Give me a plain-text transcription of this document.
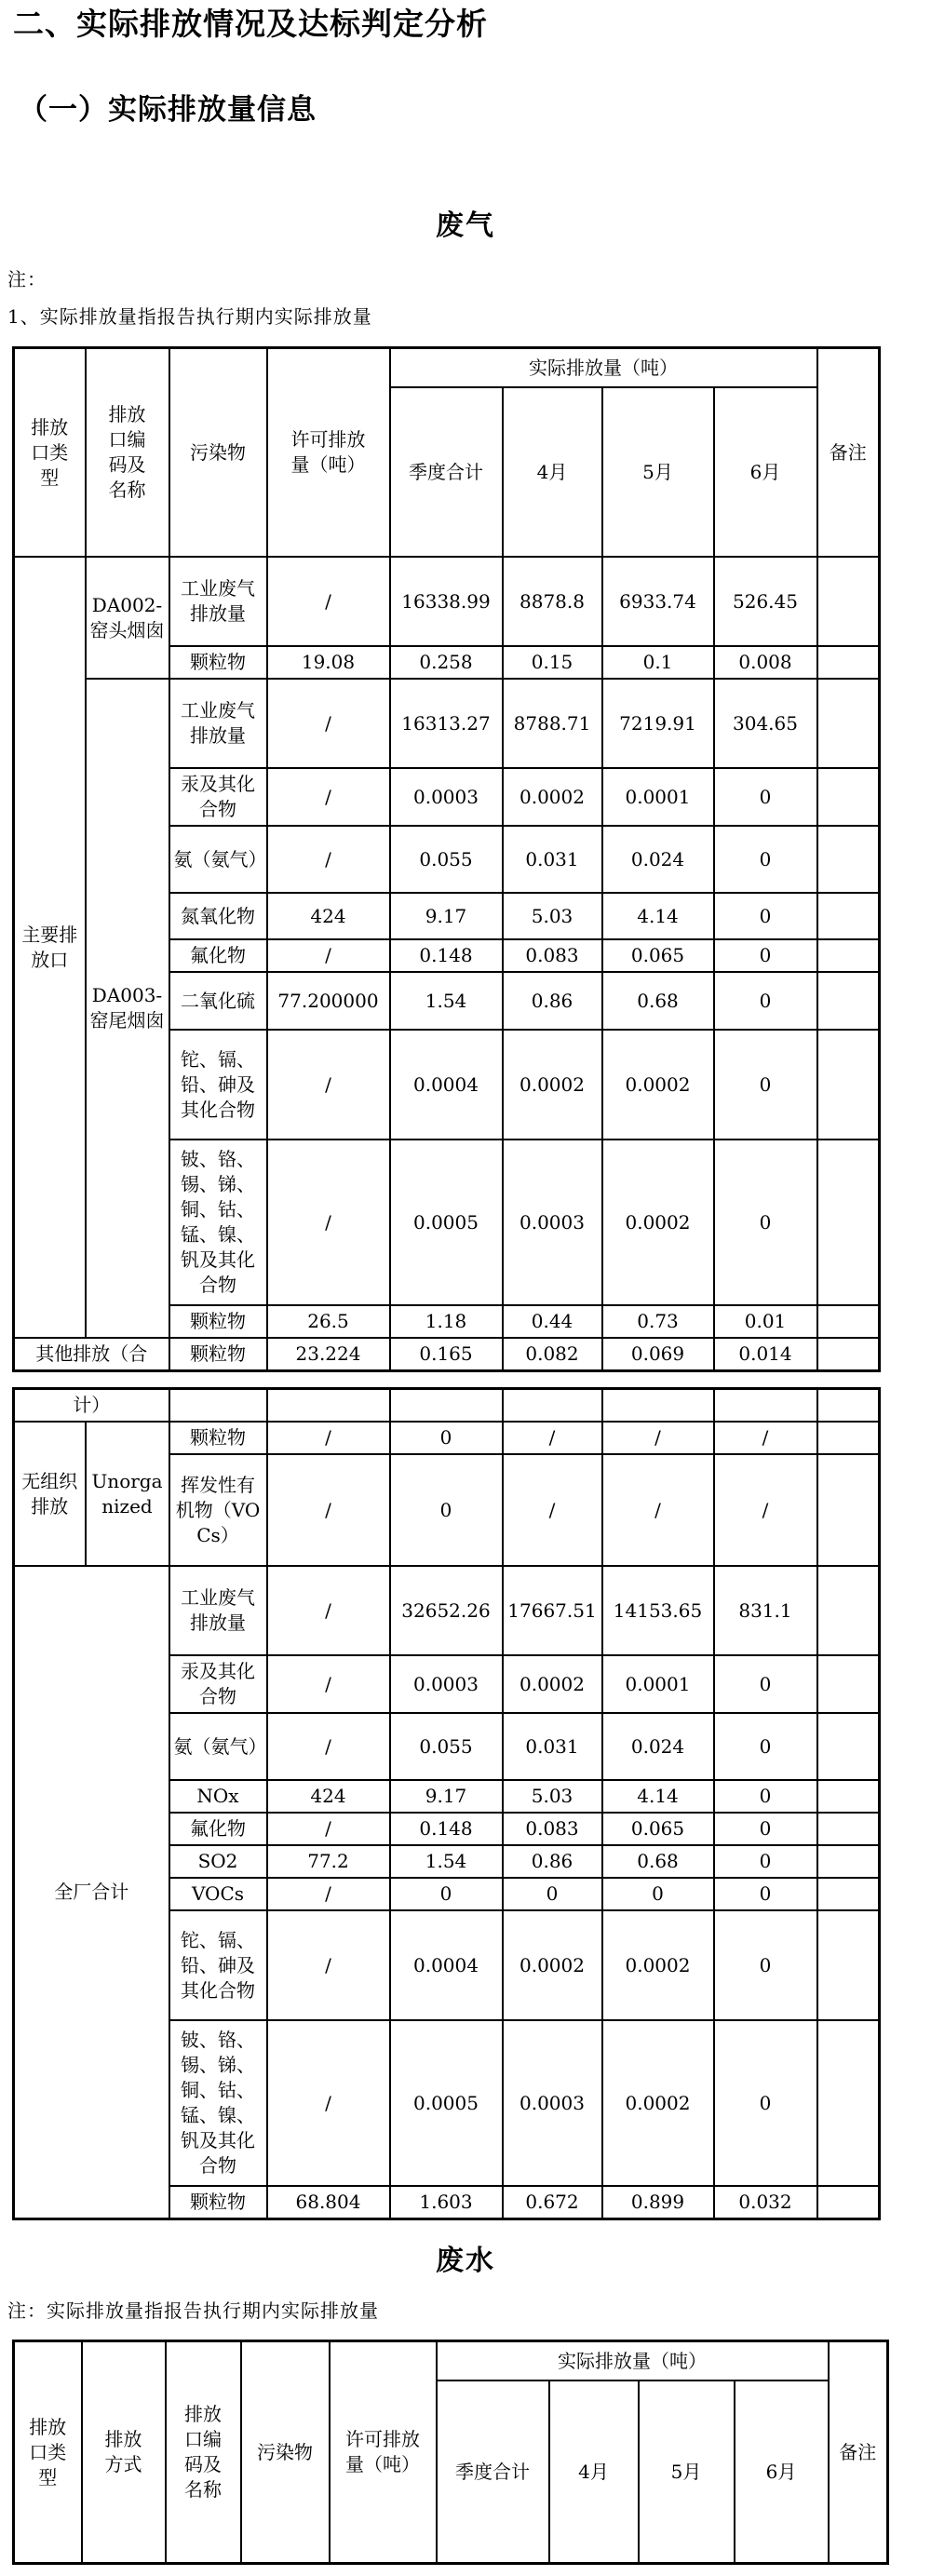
二、实际排放情况及达标判定分析
（一）实际排放量信息
废气
注：
1、实际排放量指报告执行期内实际排放量
排放口类型	排放口编码及名称	污染物	许可排放量（吨）	实际排放量（吨）				备注
				季度合计	4月	5月	6月	
主要排放口	DA002-窑头烟囱	工业废气排放量	/	16338.99	8878.8	6933.74	526.45	
		颗粒物	19.08	0.258	0.15	0.1	0.008	
	DA003-窑尾烟囱	工业废气排放量	/	16313.27	8788.71	7219.91	304.65	
		汞及其化合物	/	0.0003	0.0002	0.0001	0	
		氨（氨气）	/	0.055	0.031	0.024	0	
		氮氧化物	424	9.17	5.03	4.14	0	
		氟化物	/	0.148	0.083	0.065	0	
		二氧化硫	77.200000	1.54	0.86	0.68	0	
		铊、镉、铅、砷及其化合物	/	0.0004	0.0002	0.0002	0	
		铍、铬、锡、锑、铜、钴、锰、镍、钒及其化合物	/	0.0005	0.0003	0.0002	0	
		颗粒物	26.5	1.18	0.44	0.73	0.01	
其他排放（合		颗粒物	23.224	0.165	0.082	0.069	0.014	
计）								
无组织排放	Unorganized	颗粒物	/	0	/	/	/	
		挥发性有机物（VOCs）	/	0	/	/	/	
全厂合计		工业废气排放量	/	32652.26	17667.51	14153.65	831.1	
		汞及其化合物	/	0.0003	0.0002	0.0001	0	
		氨（氨气）	/	0.055	0.031	0.024	0	
		NOx	424	9.17	5.03	4.14	0	
		氟化物	/	0.148	0.083	0.065	0	
		SO2	77.2	1.54	0.86	0.68	0	
		VOCs	/	0	0	0	0	
		铊、镉、铅、砷及其化合物	/	0.0004	0.0002	0.0002	0	
		铍、铬、锡、锑、铜、钴、锰、镍、钒及其化合物	/	0.0005	0.0003	0.0002	0	
		颗粒物	68.804	1.603	0.672	0.899	0.032	
废水
注：实际排放量指报告执行期内实际排放量
排放口类型	排放方式	排放口编码及名称	污染物	许可排放量（吨）	实际排放量（吨）				备注
					季度合计	4月	5月	6月	
